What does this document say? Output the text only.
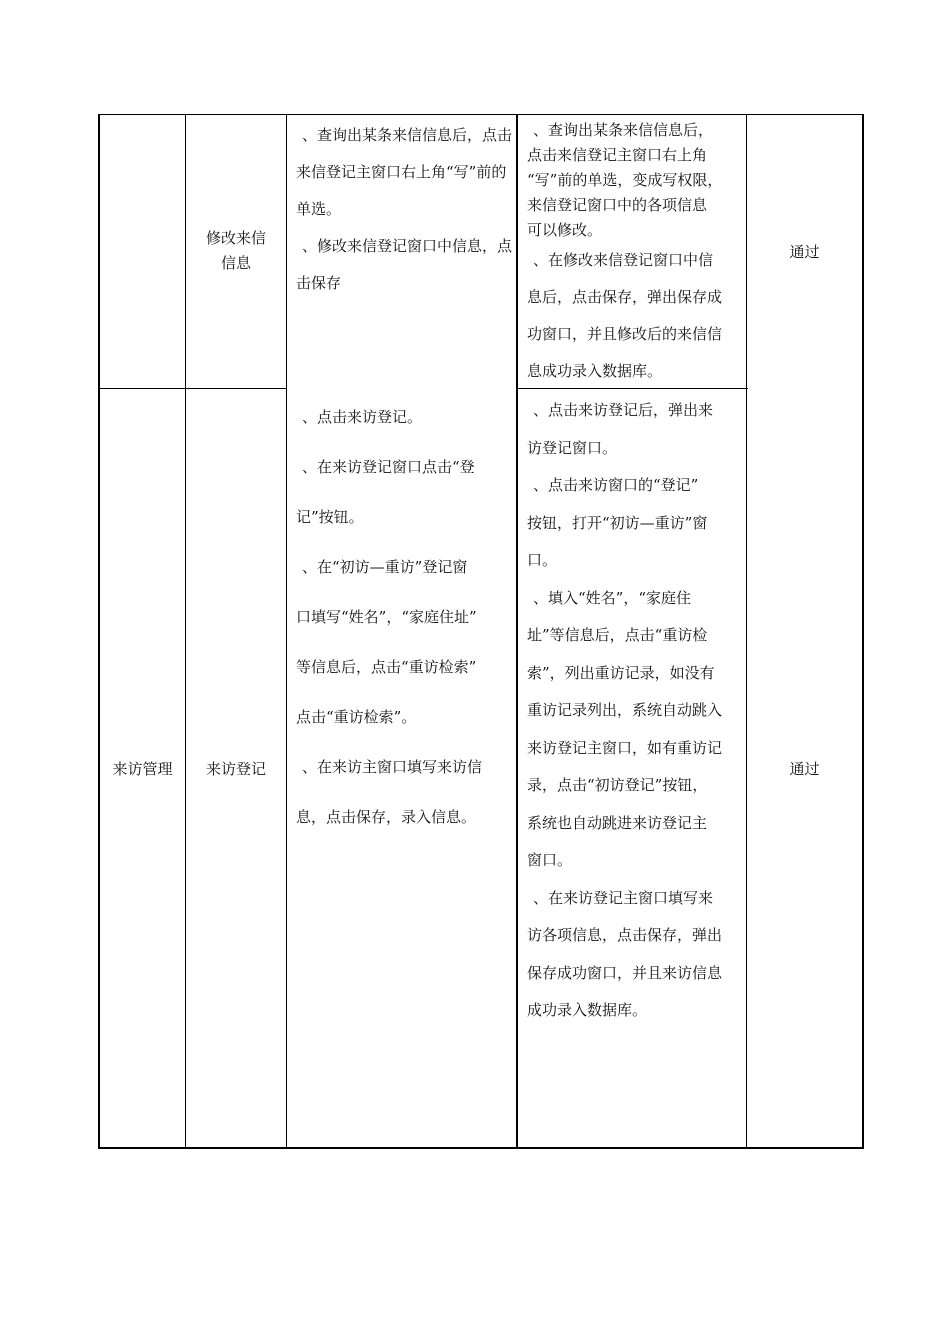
修改来信信息

、查询出某条来信信息后，点击来信登记主窗口右上角“写”前的单选。

、修改来信登记窗口中信息，点击保存

、查询出某条来信信息后，

点击来信登记主窗口右上角

“写”前的单选，变成写权限，

来信登记窗口中的各项信息

可以修改。

、在修改来信登记窗口中信

息后，点击保存，弹出保存成

功窗口，并且修改后的来信信

息成功录入数据库。

通过
来访管理 来访登记

、点击来访登记。

、在来访登记窗口点击“登

记”按钮。

、在“初访—重访”登记窗

口填写“姓名”，“家庭住址”

等信息后，点击“重访检索”

点击“重访检索”。

、在来访主窗口填写来访信

息，点击保存，录入信息。

、点击来访登记后，弹出来

访登记窗口。

、点击来访窗口的“登记”

按钮，打开“初访—重访”窗

口。

、填入“姓名”，“家庭住

址”等信息后，点击“重访检

索”，列出重访记录，如没有

重访记录列出，系统自动跳入

来访登记主窗口，如有重访记

录，点击“初访登记”按钮，

系统也自动跳进来访登记主

窗口。

、在来访登记主窗口填写来

访各项信息，点击保存，弹出

保存成功窗口，并且来访信息

成功录入数据库。

通过
